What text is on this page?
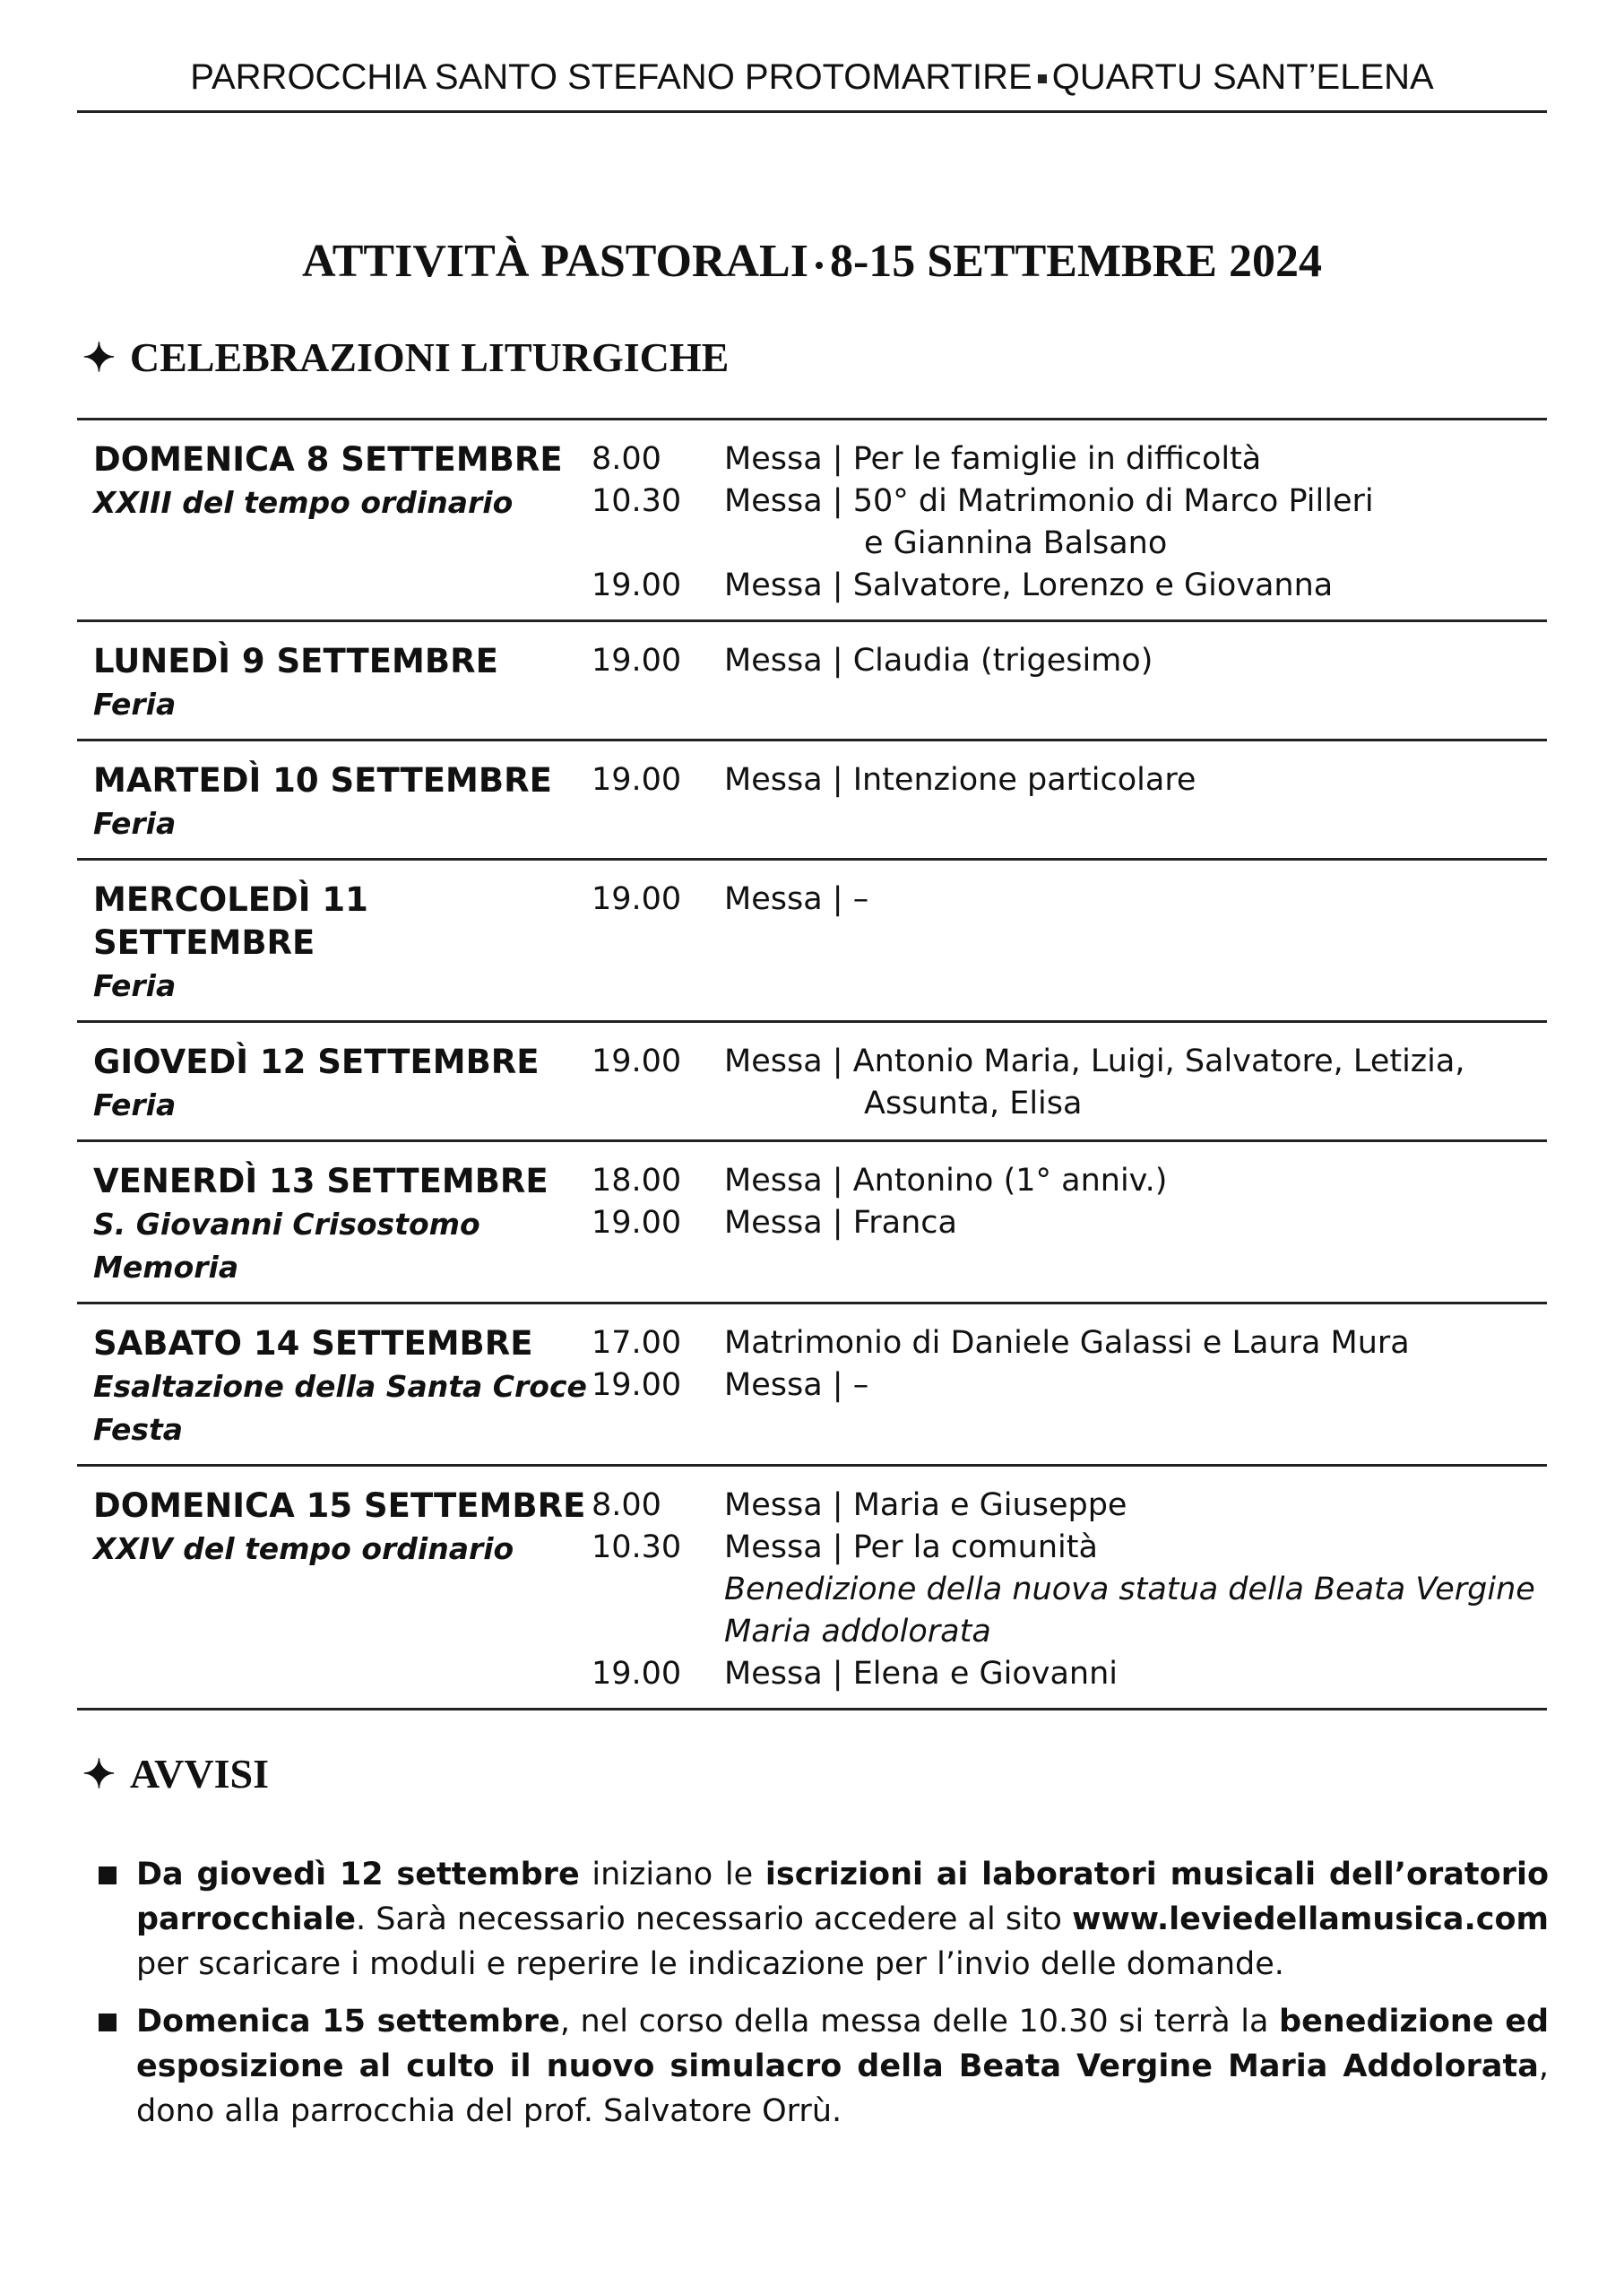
PARROCCHIA SANTO STEFANO PROTOMARTIRE QUARTU SANT’ELENA
ATTIVITÀ PASTORALI 8-15 SETTEMBRE 2024
✦ CELEBRAZIONI LITURGICHE
DOMENICA 8 SETTEMBRE
XXIII del tempo ordinario
8.00	Messa | Per le famiglie in difficoltà
10.30	Messa | 50° di Matrimonio di Marco Pilleri
e Giannina Balsano
19.00	Messa | Salvatore, Lorenzo e Giovanna
LUNEDÌ 9 SETTEMBRE
Feria
19.00	Messa | Claudia (trigesimo)
MARTEDÌ 10 SETTEMBRE
Feria
19.00	Messa | Intenzione particolare
MERCOLEDÌ 11 SETTEMBRE
Feria
19.00	Messa | –
GIOVEDÌ 12 SETTEMBRE
Feria
19.00	Messa | Antonio Maria, Luigi, Salvatore, Letizia,
Assunta, Elisa
VENERDÌ 13 SETTEMBRE
S. Giovanni Crisostomo
Memoria
18.00	Messa | Antonino (1° anniv.)
19.00	Messa | Franca
SABATO 14 SETTEMBRE
Esaltazione della Santa Croce
Festa
17.00	Matrimonio di Daniele Galassi e Laura Mura
19.00	Messa | –
DOMENICA 15 SETTEMBRE
XXIV del tempo ordinario
8.00	Messa | Maria e Giuseppe
10.30	Messa | Per la comunità
Benedizione della nuova statua della Beata Vergine Maria addolorata
19.00	Messa | Elena e Giovanni
✦ AVVISI
Da giovedì 12 settembre iniziano le iscrizioni ai laboratori musicali dell’oratorio parrocchiale. Sarà necessario necessario accedere al sito www.leviedellamusica.com per scaricare i moduli e reperire le indicazione per l’invio delle domande.
Domenica 15 settembre, nel corso della messa delle 10.30 si terrà la benedizione ed esposizione al culto il nuovo simulacro della Beata Vergine Maria Addolorata, dono alla parrocchia del prof. Salvatore Orrù.
